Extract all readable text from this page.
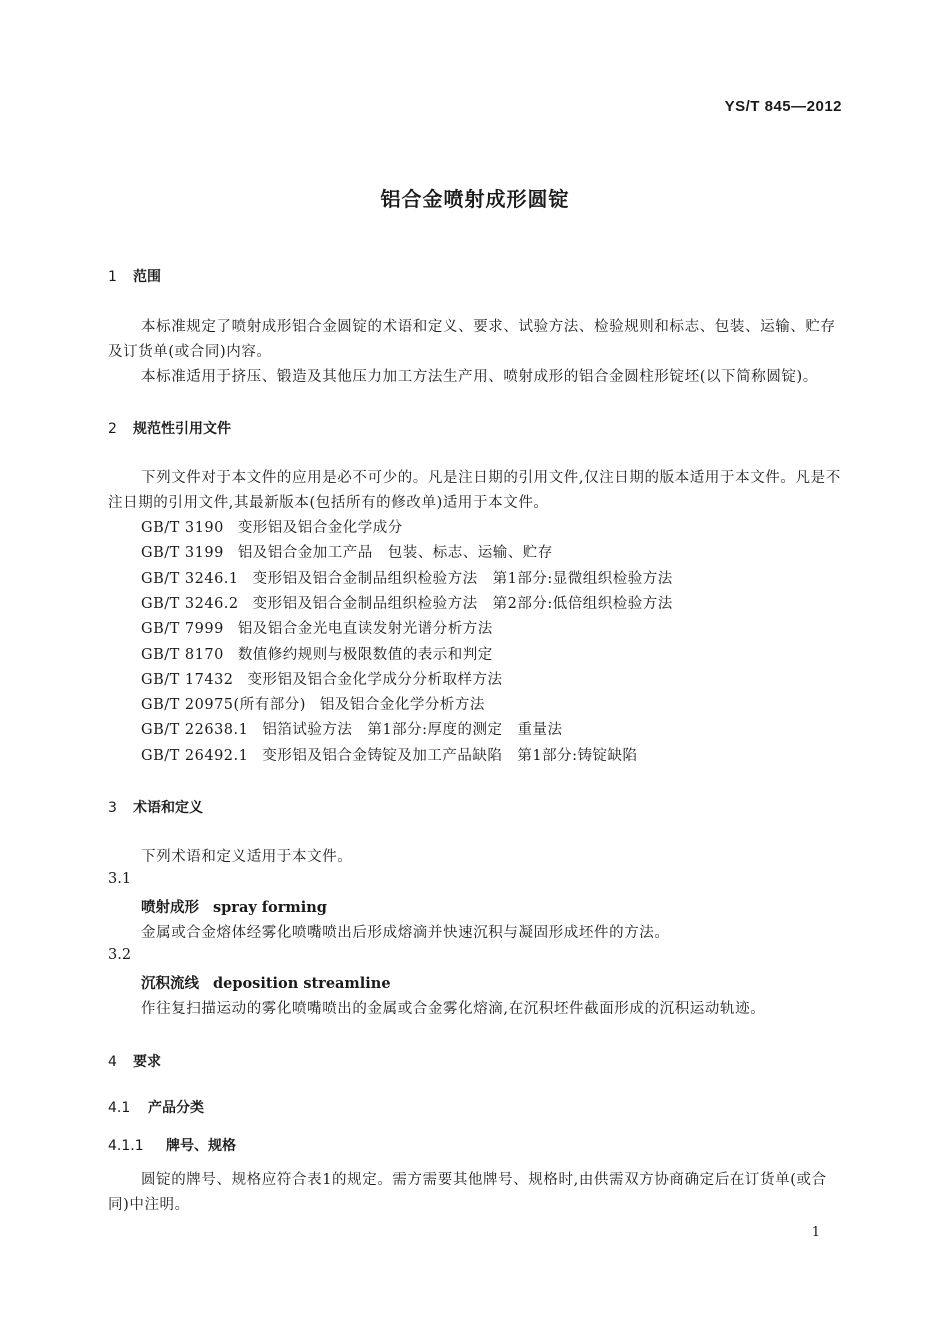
YS/T 845—2012
铝合金喷射成形圆锭
1 范围
本标准规定了喷射成形铝合金圆锭的术语和定义、要求、试验方法、检验规则和标志、包装、运输、贮存及订货单(或合同)内容。
本标准适用于挤压、锻造及其他压力加工方法生产用、喷射成形的铝合金圆柱形锭坯(以下简称圆锭)。
2 规范性引用文件
下列文件对于本文件的应用是必不可少的。凡是注日期的引用文件,仅注日期的版本适用于本文件。凡是不注日期的引用文件,其最新版本(包括所有的修改单)适用于本文件。
GB/T 3190 变形铝及铝合金化学成分
GB/T 3199 铝及铝合金加工产品　包装、标志、运输、贮存
GB/T 3246.1 变形铝及铝合金制品组织检验方法　第1部分:显微组织检验方法
GB/T 3246.2 变形铝及铝合金制品组织检验方法　第2部分:低倍组织检验方法
GB/T 7999 铝及铝合金光电直读发射光谱分析方法
GB/T 8170 数值修约规则与极限数值的表示和判定
GB/T 17432 变形铝及铝合金化学成分分析取样方法
GB/T 20975(所有部分) 铝及铝合金化学分析方法
GB/T 22638.1 铝箔试验方法　第1部分:厚度的测定　重量法
GB/T 26492.1 变形铝及铝合金铸锭及加工产品缺陷　第1部分:铸锭缺陷
3 术语和定义
下列术语和定义适用于本文件。
3.1
喷射成形 spray forming
金属或合金熔体经雾化喷嘴喷出后形成熔滴并快速沉积与凝固形成坯件的方法。
3.2
沉积流线 deposition streamline
作往复扫描运动的雾化喷嘴喷出的金属或合金雾化熔滴,在沉积坯件截面形成的沉积运动轨迹。
4 要求
4.1 产品分类
4.1.1 牌号、规格
圆锭的牌号、规格应符合表1的规定。需方需要其他牌号、规格时,由供需双方协商确定后在订货单(或合同)中注明。
1
